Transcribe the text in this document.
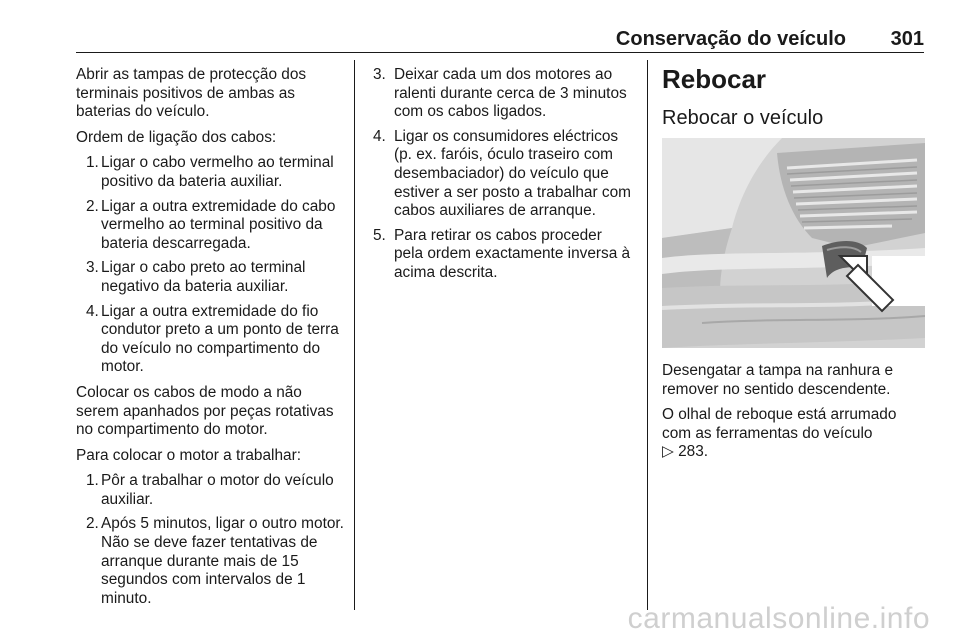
Conservação do veículo 301

Abrir as tampas de protecção dos terminais positivos de ambas as baterias do veículo.

Ordem de ligação dos cabos:

1. Ligar o cabo vermelho ao terminal positivo da bateria auxiliar.
2. Ligar a outra extremidade do cabo vermelho ao terminal positivo da bateria descarregada.
3. Ligar o cabo preto ao terminal negativo da bateria auxiliar.
4. Ligar a outra extremidade do fio condutor preto a um ponto de terra do veículo no compartimento do motor.

Colocar os cabos de modo a não serem apanhados por peças rotativas no compartimento do motor.

Para colocar o motor a trabalhar:

1. Pôr a trabalhar o motor do veículo auxiliar.
2. Após 5 minutos, ligar o outro motor. Não se deve fazer tentativas de arranque durante mais de 15 segundos com intervalos de 1 minuto.
3. Deixar cada um dos motores ao ralenti durante cerca de 3 minutos com os cabos ligados.
4. Ligar os consumidores eléctricos (p. ex. faróis, óculo traseiro com desembaciador) do veículo que estiver a ser posto a trabalhar com cabos auxiliares de arranque.
5. Para retirar os cabos proceder pela ordem exactamente inversa à acima descrita.
Rebocar
Rebocar o veículo

Desengatar a tampa na ranhura e remover no sentido descendente.

O olhal de reboque está arrumado com as ferramentas do veículo
▷ 283.

carmanualsonline.info
